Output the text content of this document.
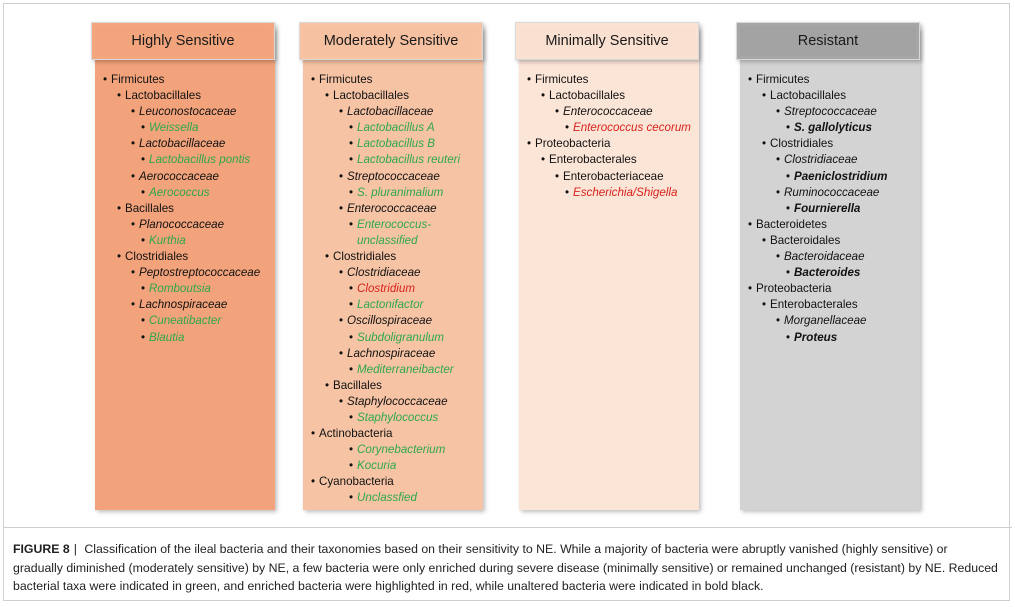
Highly Sensitive
• Firmicutes
• Lactobacillales
• Leuconostocaceae
• Weissella
• Lactobacillaceae
• Lactobacillus pontis
• Aerococcaceae
• Aerococcus
• Bacillales
• Planococcaceae
• Kurthia
• Clostridiales
• Peptostreptococcaceae
• Romboutsia
• Lachnospiraceae
• Cuneatibacter
• Blautia
Moderately Sensitive
• Firmicutes
• Lactobacillales
• Lactobacillaceae
• Lactobacillus A
• Lactobacillus B
• Lactobacillus reuteri
• Streptococcaceae
• S. pluranimalium
• Enterococcaceae
• Enterococcus-
unclassified
• Clostridiales
• Clostridiaceae
• Clostridium
• Lactonifactor
• Oscillospiraceae
• Subdoligranulum
• Lachnospiraceae
• Mediterraneibacter
• Bacillales
• Staphylococcaceae
• Staphylococcus
• Actinobacteria
• Corynebacterium
• Kocuria
• Cyanobacteria
• Unclassfied
Minimally Sensitive
• Firmicutes
• Lactobacillales
• Enterococcaceae
• Enterococcus cecorum
• Proteobacteria
• Enterobacterales
• Enterobacteriaceae
• Escherichia/Shigella
Resistant
• Firmicutes
• Lactobacillales
• Streptococcaceae
• S. gallolyticus
• Clostridiales
• Clostridiaceae
• Paeniclostridium
• Ruminococcaceae
• Fournierella
• Bacteroidetes
• Bacteroidales
• Bacteroidaceae
• Bacteroides
• Proteobacteria
• Enterobacterales
• Morganellaceae
• Proteus
FIGURE 8 | Classification of the ileal bacteria and their taxonomies based on their sensitivity to NE. While a majority of bacteria were abruptly vanished (highly sensitive) or gradually diminished (moderately sensitive) by NE, a few bacteria were only enriched during severe disease (minimally sensitive) or remained unchanged (resistant) by NE. Reduced bacterial taxa were indicated in green, and enriched bacteria were highlighted in red, while unaltered bacteria were indicated in bold black.
